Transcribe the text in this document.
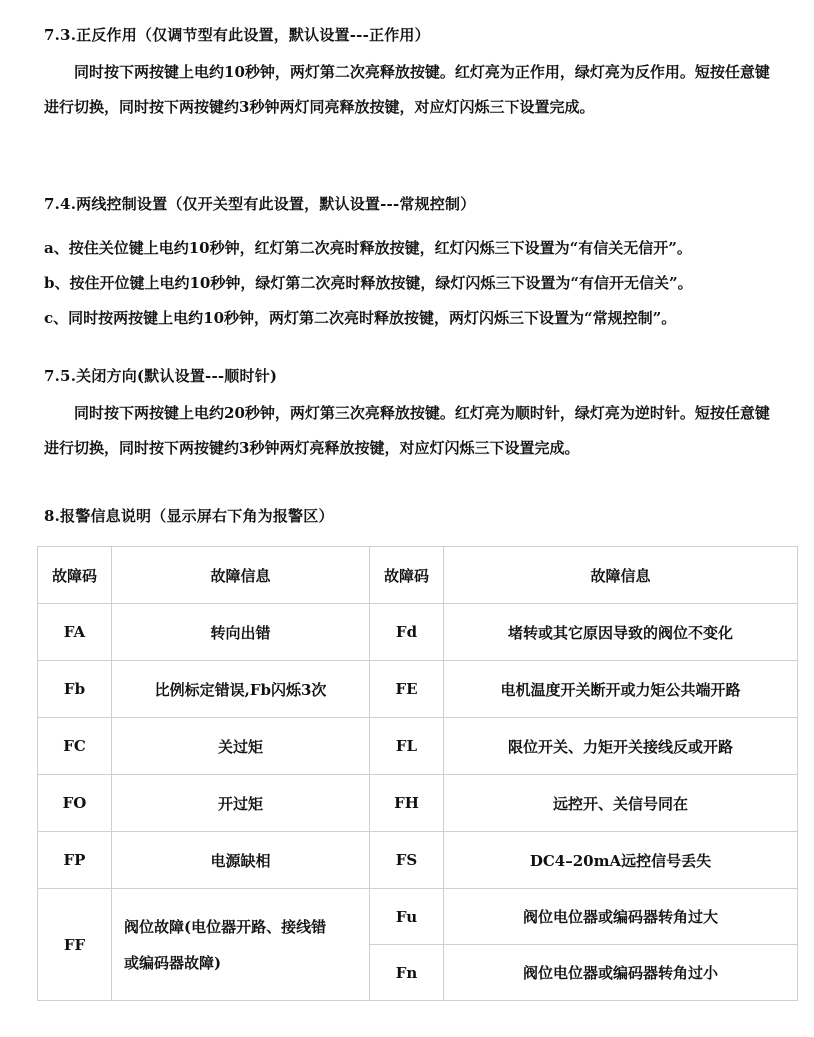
7.3.正反作用（仅调节型有此设置，默认设置---正作用）
同时按下两按键上电约10秒钟，两灯第二次亮释放按键。红灯亮为正作用，绿灯亮为反作用。短按任意键进行切换，同时按下两按键约3秒钟两灯同亮释放按键，对应灯闪烁三下设置完成。
7.4.两线控制设置（仅开关型有此设置，默认设置---常规控制）
a、按住关位键上电约10秒钟，红灯第二次亮时释放按键，红灯闪烁三下设置为“有信关无信开”。
b、按住开位键上电约10秒钟，绿灯第二次亮时释放按键，绿灯闪烁三下设置为“有信开无信关”。
c、同时按两按键上电约10秒钟，两灯第二次亮时释放按键，两灯闪烁三下设置为“常规控制”。
7.5.关闭方向(默认设置---顺时针)
同时按下两按键上电约20秒钟，两灯第三次亮释放按键。红灯亮为顺时针，绿灯亮为逆时针。短按任意键进行切换，同时按下两按键约3秒钟两灯亮释放按键，对应灯闪烁三下设置完成。
8.报警信息说明（显示屏右下角为报警区）
故障码	故障信息	故障码	故障信息
FA	转向出错	Fd	堵转或其它原因导致的阀位不变化
Fb	比例标定错误,Fb闪烁3次	FE	电机温度开关断开或力矩公共端开路
FC	关过矩	FL	限位开关、力矩开关接线反或开路
FO	开过矩	FH	远控开、关信号同在
FP	电源缺相	FS	DC4–20mA远控信号丢失
FF	阀位故障(电位器开路、接线错
或编码器故障)	Fu	阀位电位器或编码器转角过大
		Fn	阀位电位器或编码器转角过小
